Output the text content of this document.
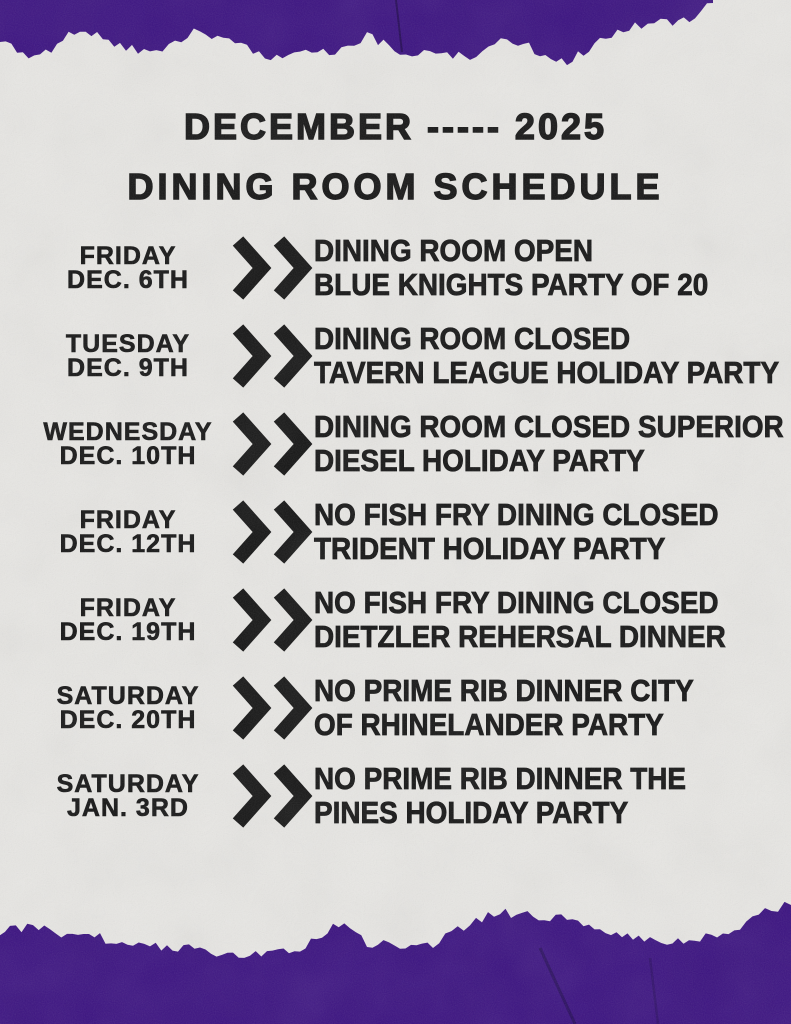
DECEMBER ----- 2025
DINING ROOM SCHEDULE
FRIDAY
DEC. 6TH
DINING ROOM OPEN
BLUE KNIGHTS PARTY OF 20
TUESDAY
DEC. 9TH
DINING ROOM CLOSED
TAVERN LEAGUE HOLIDAY PARTY
WEDNESDAY
DEC. 10TH
DINING ROOM CLOSED SUPERIOR
DIESEL HOLIDAY PARTY
FRIDAY
DEC. 12TH
NO FISH FRY DINING CLOSED
TRIDENT HOLIDAY PARTY
FRIDAY
DEC. 19TH
NO FISH FRY DINING CLOSED
DIETZLER REHERSAL DINNER
SATURDAY
DEC. 20TH
NO PRIME RIB DINNER CITY
OF RHINELANDER PARTY
SATURDAY
JAN. 3RD
NO PRIME RIB DINNER THE
PINES HOLIDAY PARTY
